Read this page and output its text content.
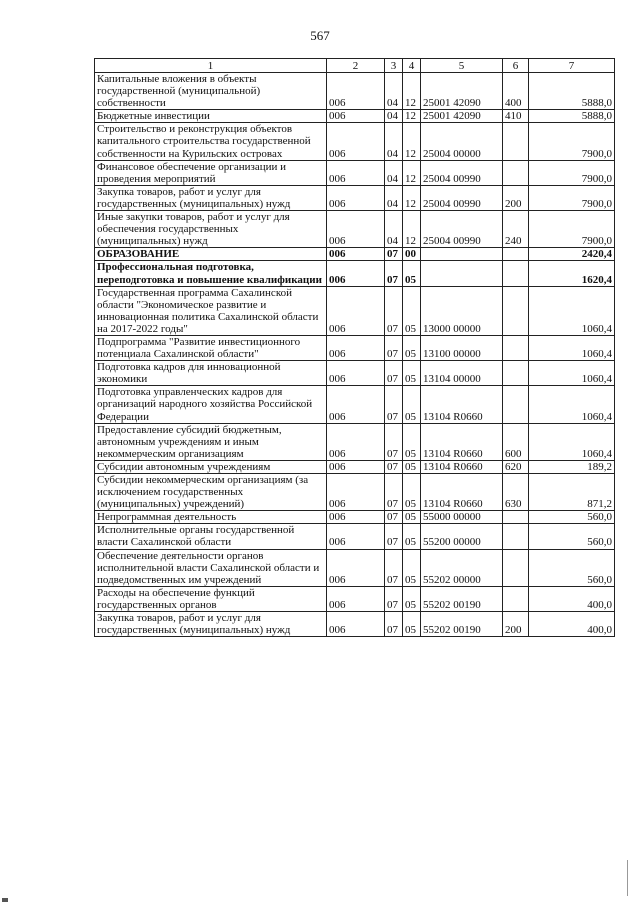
567
1	2	3	4	5	6	7
Капитальные вложения в объекты государственной (муниципальной) собственности	006	04	12	25001 42090	400	5888,0
Бюджетные инвестиции	006	04	12	25001 42090	410	5888,0
Строительство и реконструкция объектов капитального строительства государственной собственности на Курильских островах	006	04	12	25004 00000		7900,0
Финансовое обеспечение организации и проведения мероприятий	006	04	12	25004 00990		7900,0
Закупка товаров, работ и услуг для государственных (муниципальных) нужд	006	04	12	25004 00990	200	7900,0
Иные закупки товаров, работ и услуг для обеспечения государственных (муниципальных) нужд	006	04	12	25004 00990	240	7900,0
ОБРАЗОВАНИЕ	006	07	00			2420,4
Профессиональная подготовка, переподготовка и повышение квалификации	006	07	05			1620,4
Государственная программа Сахалинской области "Экономическое развитие и инновационная политика Сахалинской области на 2017-2022 годы"	006	07	05	13000 00000		1060,4
Подпрограмма "Развитие инвестиционного потенциала Сахалинской области"	006	07	05	13100 00000		1060,4
Подготовка кадров для инновационной экономики	006	07	05	13104 00000		1060,4
Подготовка управленческих кадров для организаций народного хозяйства Российской Федерации	006	07	05	13104 R0660		1060,4
Предоставление субсидий бюджетным, автономным учреждениям и иным некоммерческим организациям	006	07	05	13104 R0660	600	1060,4
Субсидии автономным учреждениям	006	07	05	13104 R0660	620	189,2
Субсидии некоммерческим организациям (за исключением государственных (муниципальных) учреждений)	006	07	05	13104 R0660	630	871,2
Непрограммная деятельность	006	07	05	55000 00000		560,0
Исполнительные органы государственной власти Сахалинской области	006	07	05	55200 00000		560,0
Обеспечение деятельности органов исполнительной власти Сахалинской области и подведомственных им учреждений	006	07	05	55202 00000		560,0
Расходы на обеспечение функций государственных органов	006	07	05	55202 00190		400,0
Закупка товаров, работ и услуг для государственных (муниципальных) нужд	006	07	05	55202 00190	200	400,0
